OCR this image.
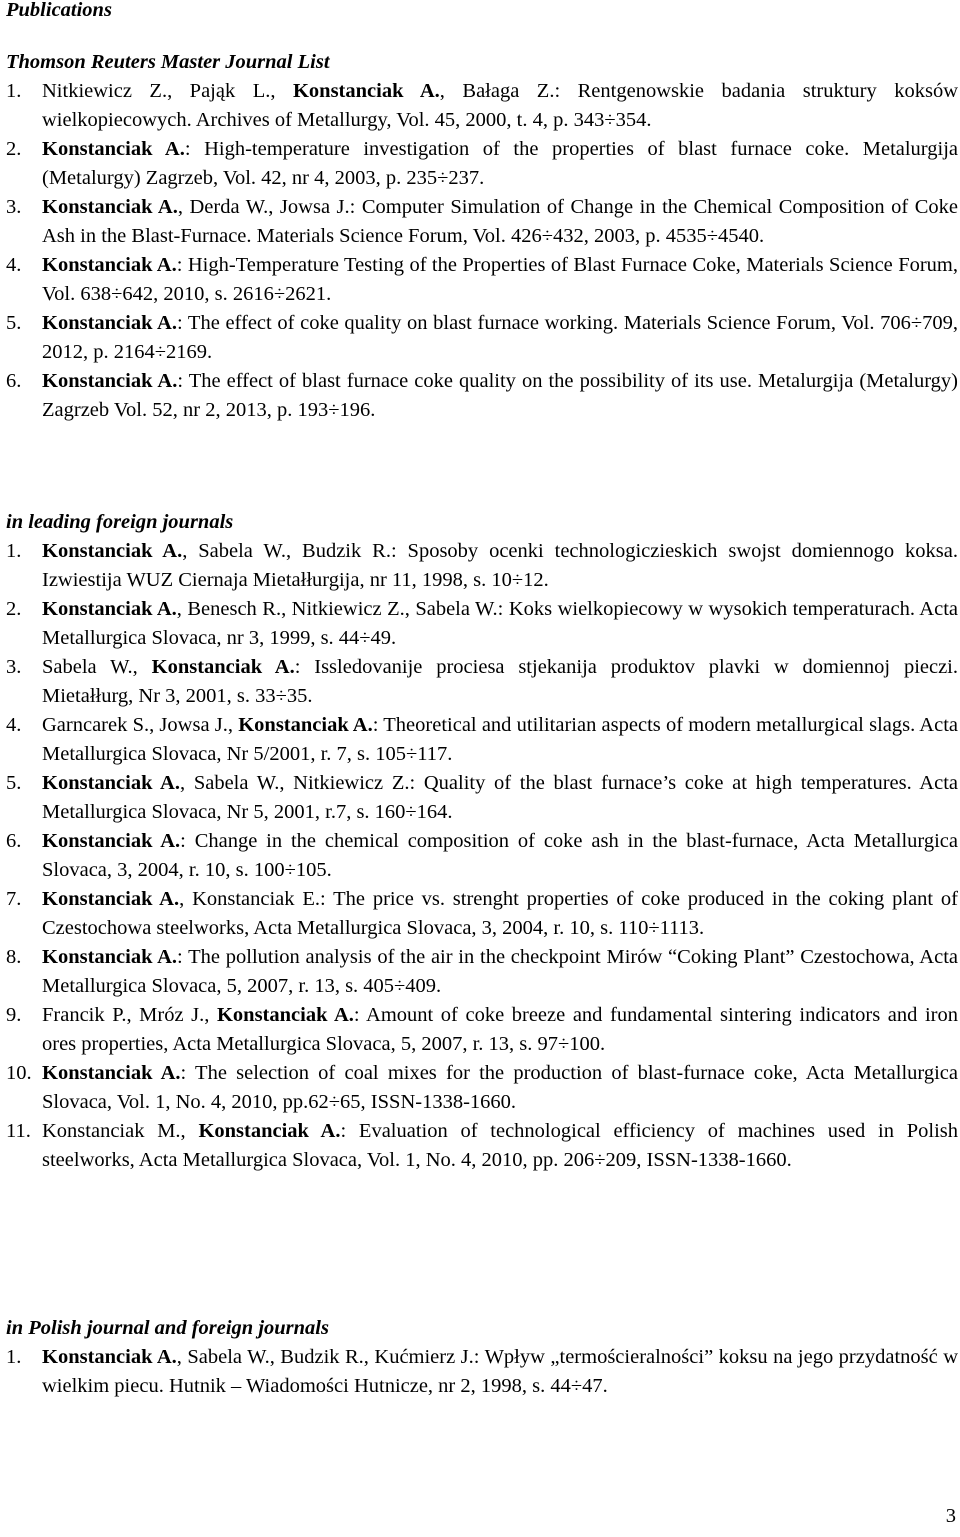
Publications
Thomson Reuters Master Journal List
1. Nitkiewicz Z., Pająk L., Konstanciak A., Bałaga Z.: Rentgenowskie badania struktury koksów wielkopiecowych. Archives of Metallurgy, Vol. 45, 2000, t. 4, p. 343÷354.
2. Konstanciak A.: High-temperature investigation of the properties of blast furnace coke. Metalurgija (Metalurgy) Zagrzeb, Vol. 42, nr 4, 2003, p. 235÷237.
3. Konstanciak A., Derda W., Jowsa J.: Computer Simulation of Change in the Chemical Composition of Coke Ash in the Blast-Furnace. Materials Science Forum, Vol. 426÷432, 2003, p. 4535÷4540.
4. Konstanciak A.: High-Temperature Testing of the Properties of Blast Furnace Coke, Materials Science Forum, Vol. 638÷642, 2010, s. 2616÷2621.
5. Konstanciak A.: The effect of coke quality on blast furnace working. Materials Science Forum, Vol. 706÷709, 2012, p. 2164÷2169.
6. Konstanciak A.: The effect of blast furnace coke quality on the possibility of its use. Metalurgija (Metalurgy) Zagrzeb Vol. 52, nr 2, 2013, p. 193÷196.
in leading foreign journals
1. Konstanciak A., Sabela W., Budzik R.: Sposoby ocenki technologiczieskich swojst domiennogo koksa. Izwiestija WUZ Ciernaja Mietałłurgija, nr 11, 1998, s. 10÷12.
2. Konstanciak A., Benesch R., Nitkiewicz Z., Sabela W.: Koks wielkopiecowy w wysokich temperaturach. Acta Metallurgica Slovaca, nr 3, 1999, s. 44÷49.
3. Sabela W., Konstanciak A.: Issledovanije prociesa stjekanija produktov plavki w domiennoj pieczi. Mietałłurg, Nr 3, 2001, s. 33÷35.
4. Garncarek S., Jowsa J., Konstanciak A.: Theoretical and utilitarian aspects of modern metallurgical slags. Acta Metallurgica Slovaca, Nr 5/2001, r. 7, s. 105÷117.
5. Konstanciak A., Sabela W., Nitkiewicz Z.: Quality of the blast furnace’s coke at high temperatures. Acta Metallurgica Slovaca, Nr 5, 2001, r.7, s. 160÷164.
6. Konstanciak A.: Change in the chemical composition of coke ash in the blast-furnace, Acta Metallurgica Slovaca, 3, 2004, r. 10, s. 100÷105.
7. Konstanciak A., Konstanciak E.: The price vs. strenght properties of coke produced in the coking plant of Czestochowa steelworks, Acta Metallurgica Slovaca, 3, 2004, r. 10, s. 110÷1113.
8. Konstanciak A.: The pollution analysis of the air in the checkpoint Mirów “Coking Plant” Czestochowa, Acta Metallurgica Slovaca, 5, 2007, r. 13, s. 405÷409.
9. Francik P., Mróz J., Konstanciak A.: Amount of coke breeze and fundamental sintering indicators and iron ores properties, Acta Metallurgica Slovaca, 5, 2007, r. 13, s. 97÷100.
10. Konstanciak A.: The selection of coal mixes for the production of blast-furnace coke, Acta Metallurgica Slovaca, Vol. 1, No. 4, 2010, pp.62÷65, ISSN-1338-1660.
11. Konstanciak M., Konstanciak A.: Evaluation of technological efficiency of machines used in Polish steelworks, Acta Metallurgica Slovaca, Vol. 1, No. 4, 2010, pp. 206÷209, ISSN-1338-1660.
in Polish journal and foreign journals
1. Konstanciak A., Sabela W., Budzik R., Kućmierz J.: Wpływ „termościeralności” koksu na jego przydatność w wielkim piecu. Hutnik – Wiadomości Hutnicze, nr 2, 1998, s. 44÷47.
3
